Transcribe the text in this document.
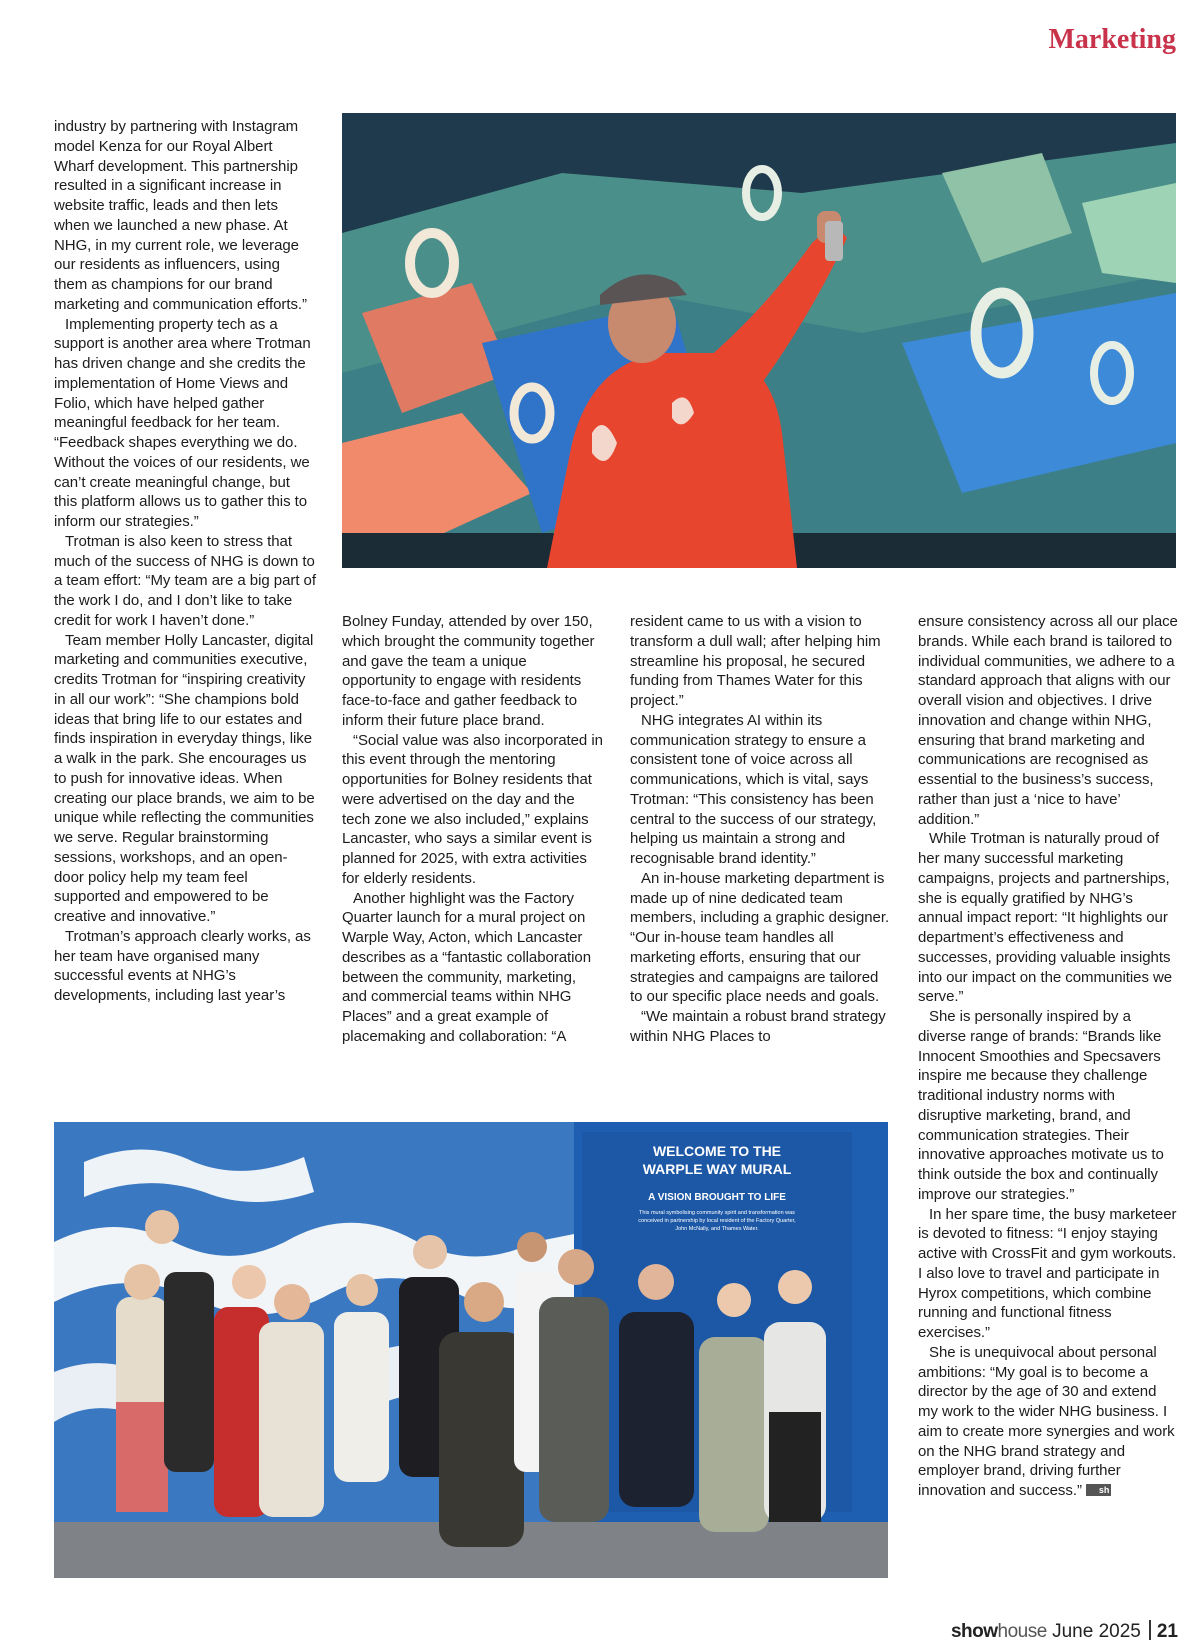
Marketing

industry by partnering with Instagram model Kenza for our Royal Albert Wharf development. This partnership resulted in a significant increase in website traffic, leads and then lets when we launched a new phase. At NHG, in my current role, we leverage our residents as influencers, using them as champions for our brand marketing and communication efforts.”

Implementing property tech as a support is another area where Trotman has driven change and she credits the implementation of Home Views and Folio, which have helped gather meaningful feedback for her team. “Feedback shapes everything we do. Without the voices of our residents, we can’t create meaningful change, but this platform allows us to gather this to inform our strategies.”

Trotman is also keen to stress that much of the success of NHG is down to a team effort: “My team are a big part of the work I do, and I don’t like to take credit for work I haven’t done.”

Team member Holly Lancaster, digital marketing and communities executive, credits Trotman for “inspiring creativity in all our work”: “She champions bold ideas that bring life to our estates and finds inspiration in everyday things, like a walk in the park. She encourages us to push for innovative ideas. When creating our place brands, we aim to be unique while reflecting the communities we serve. Regular brainstorming sessions, workshops, and an open-door policy help my team feel supported and empowered to be creative and innovative.”

Trotman’s approach clearly works, as her team have organised many successful events at NHG’s developments, including last year’s

Bolney Funday, attended by over 150, which brought the community together and gave the team a unique opportunity to engage with residents face-to-face and gather feedback to inform their future place brand.

“Social value was also incorporated in this event through the mentoring opportunities for Bolney residents that were advertised on the day and the tech zone we also included,” explains Lancaster, who says a similar event is planned for 2025, with extra activities for elderly residents.

Another highlight was the Factory Quarter launch for a mural project on Warple Way, Acton, which Lancaster describes as a “fantastic collaboration between the community, marketing, and commercial teams within NHG Places” and a great example of placemaking and collaboration: “A

resident came to us with a vision to transform a dull wall; after helping him streamline his proposal, he secured funding from Thames Water for this project.”

NHG integrates AI within its communication strategy to ensure a consistent tone of voice across all communications, which is vital, says Trotman: “This consistency has been central to the success of our strategy, helping us maintain a strong and recognisable brand identity.”

An in-house marketing department is made up of nine dedicated team members, including a graphic designer. “Our in-house team handles all marketing efforts, ensuring that our strategies and campaigns are tailored to our specific place needs and goals.

“We maintain a robust brand strategy within NHG Places to

ensure consistency across all our place brands. While each brand is tailored to individual communities, we adhere to a standard approach that aligns with our overall vision and objectives. I drive innovation and change within NHG, ensuring that brand marketing and communications are recognised as essential to the business’s success, rather than just a ‘nice to have’ addition.”

While Trotman is naturally proud of her many successful marketing campaigns, projects and partnerships, she is equally gratified by NHG’s annual impact report: “It highlights our department’s effectiveness and successes, providing valuable insights into our impact on the communities we serve.”

She is personally inspired by a diverse range of brands: “Brands like Innocent Smoothies and Specsavers inspire me because they challenge traditional industry norms with disruptive marketing, brand, and communication strategies. Their innovative approaches motivate us to think outside the box and continually improve our strategies.”

In her spare time, the busy marketeer is devoted to fitness: “I enjoy staying active with CrossFit and gym workouts. I also love to travel and participate in Hyrox competitions, which combine running and functional fitness exercises.”

She is unequivocal about personal ambitions: “My goal is to become a director by the age of 30 and extend my work to the wider NHG business. I aim to create more synergies and work on the NHG brand strategy and employer brand, driving further innovation and success.” sh

WELCOME TO THE
WARPLE WAY MURAL
A VISION BROUGHT TO LIFE
This mural symbolising community spirit and transformation was
conceived in partnership by local resident of the Factory Quarter,
John McNally, and Thames Water.
showhouse June 2025 21
